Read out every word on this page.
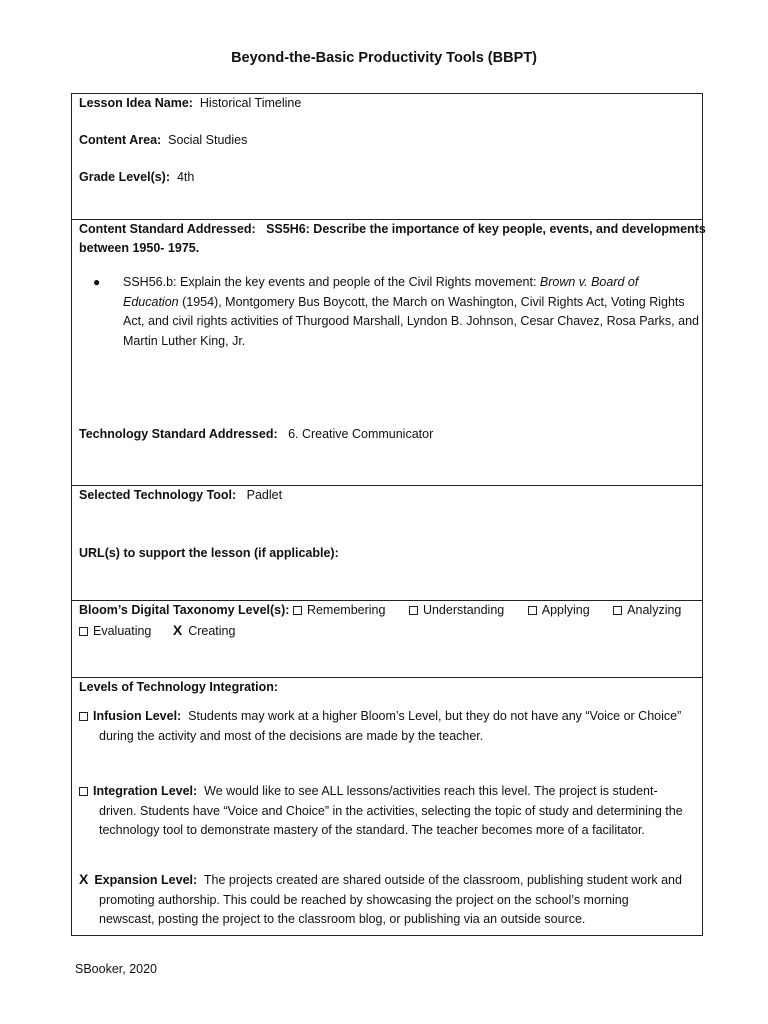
Beyond-the-Basic Productivity Tools (BBPT)
Lesson Idea Name: Historical Timeline
Content Area: Social Studies
Grade Level(s): 4th
Content Standard Addressed: SS5H6: Describe the importance of key people, events, and developments
between 1950- 1975.
● SSH56.b: Explain the key events and people of the Civil Rights movement: Brown v. Board of
Education (1954), Montgomery Bus Boycott, the March on Washington, Civil Rights Act, Voting Rights
Act, and civil rights activities of Thurgood Marshall, Lyndon B. Johnson, Cesar Chavez, Rosa Parks, and
Martin Luther King, Jr.
Technology Standard Addressed: 6. Creative Communicator
Selected Technology Tool: Padlet
URL(s) to support the lesson (if applicable):
Bloom’s Digital Taxonomy Level(s): Remembering	Understanding	Applying	Analyzing
Evaluating X Creating
Levels of Technology Integration:
Infusion Level: Students may work at a higher Bloom’s Level, but they do not have any “Voice or Choice”
during the activity and most of the decisions are made by the teacher.
Integration Level: We would like to see ALL lessons/activities reach this level. The project is student-
driven. Students have “Voice and Choice” in the activities, selecting the topic of study and determining the
technology tool to demonstrate mastery of the standard. The teacher becomes more of a facilitator.
X Expansion Level: The projects created are shared outside of the classroom, publishing student work and
promoting authorship. This could be reached by showcasing the project on the school’s morning
newscast, posting the project to the classroom blog, or publishing via an outside source.
SBooker, 2020
